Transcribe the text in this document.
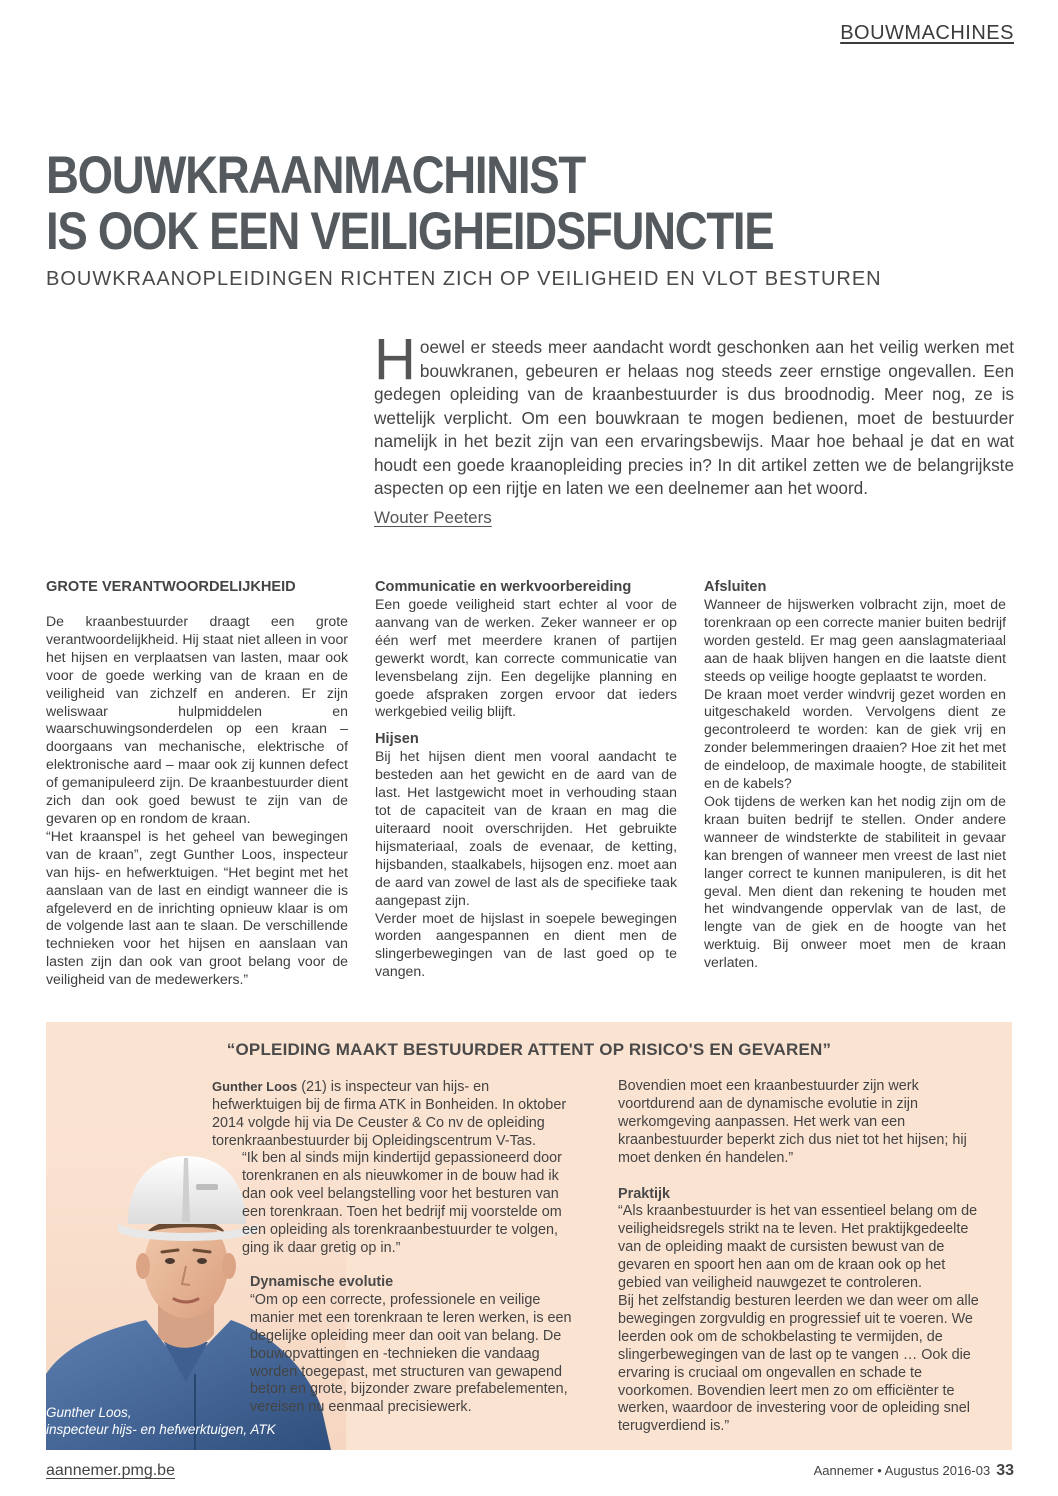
BOUWMACHINES
BOUWKRAANMACHINIST
IS OOK EEN VEILIGHEIDSFUNCTIE
BOUWKRAANOPLEIDINGEN RICHTEN ZICH OP VEILIGHEID EN VLOT BESTUREN

Hoewel er steeds meer aandacht wordt geschonken aan het veilig werken met bouwkranen, gebeuren er helaas nog steeds zeer ernstige ongevallen. Een gedegen opleiding van de kraanbestuurder is dus broodnodig. Meer nog, ze is wettelijk verplicht. Om een bouwkraan te mogen bedienen, moet de bestuurder namelijk in het bezit zijn van een ervaringsbewijs. Maar hoe behaal je dat en wat houdt een goede kraanopleiding precies in? In dit artikel zetten we de belangrijkste aspecten op een rijtje en laten we een deelnemer aan het woord.

Wouter Peeters
GROTE VERANTWOORDELIJKHEID

De kraanbestuurder draagt een grote verantwoordelijkheid. Hij staat niet alleen in voor het hijsen en verplaatsen van lasten, maar ook voor de goede werking van de kraan en de veiligheid van zichzelf en anderen. Er zijn weliswaar hulpmiddelen en waarschuwingsonderdelen op een kraan – doorgaans van mechanische, elektrische of elektronische aard – maar ook zij kunnen defect of gemanipuleerd zijn. De kraanbestuurder dient zich dan ook goed bewust te zijn van de gevaren op en rondom de kraan.

“Het kraanspel is het geheel van bewegingen van de kraan”, zegt Gunther Loos, inspecteur van hijs- en hefwerktuigen. “Het begint met het aanslaan van de last en eindigt wanneer die is afgeleverd en de inrichting opnieuw klaar is om de volgende last aan te slaan. De verschillende technieken voor het hijsen en aanslaan van lasten zijn dan ook van groot belang voor de veiligheid van de medewerkers.”

Communicatie en werkvoorbereiding

Een goede veiligheid start echter al voor de aanvang van de werken. Zeker wanneer er op één werf met meerdere kranen of partijen gewerkt wordt, kan correcte communicatie van levensbelang zijn. Een degelijke planning en goede afspraken zorgen ervoor dat ieders werkgebied veilig blijft.

Hijsen

Bij het hijsen dient men vooral aandacht te besteden aan het gewicht en de aard van de last. Het lastgewicht moet in verhouding staan tot de capaciteit van de kraan en mag die uiteraard nooit overschrijden. Het gebruikte hijsmateriaal, zoals de evenaar, de ketting, hijsbanden, staalkabels, hijsogen enz. moet aan de aard van zowel de last als de specifieke taak aangepast zijn.

Verder moet de hijslast in soepele bewegingen worden aangespannen en dient men de slingerbewegingen van de last goed op te vangen.

Afsluiten

Wanneer de hijswerken volbracht zijn, moet de torenkraan op een correcte manier buiten bedrijf worden gesteld. Er mag geen aanslagmateriaal aan de haak blijven hangen en die laatste dient steeds op veilige hoogte geplaatst te worden.

De kraan moet verder windvrij gezet worden en uitgeschakeld worden. Vervolgens dient ze gecontroleerd te worden: kan de giek vrij en zonder belemmeringen draaien? Hoe zit het met de eindeloop, de maximale hoogte, de stabiliteit en de kabels?

Ook tijdens de werken kan het nodig zijn om de kraan buiten bedrijf te stellen. Onder andere wanneer de windsterkte de stabiliteit in gevaar kan brengen of wanneer men vreest de last niet langer correct te kunnen manipuleren, is dit het geval. Men dient dan rekening te houden met het windvangende oppervlak van de last, de lengte van de giek en de hoogte van het werktuig. Bij onweer moet men de kraan verlaten.

“OPLEIDING MAAKT BESTUURDER ATTENT OP RISICO'S EN GEVAREN”
Gunther Loos,
inspecteur hijs- en hefwerktuigen, ATK

Gunther Loos (21) is inspecteur van hijs- en hefwerktuigen bij de firma ATK in Bonheiden. In oktober 2014 volgde hij via De Ceuster & Co nv de opleiding torenkraanbestuurder bij Opleidingscentrum V-Tas.

“Ik ben al sinds mijn kindertijd gepassioneerd door torenkranen en als nieuwkomer in de bouw had ik dan ook veel belangstelling voor het besturen van een torenkraan. Toen het bedrijf mij voorstelde om een opleiding als torenkraanbestuurder te volgen, ging ik daar gretig op in.”

Dynamische evolutie

“Om op een correcte, professionele en veilige manier met een torenkraan te leren werken, is een degelijke opleiding meer dan ooit van belang. De bouwopvattingen en -technieken die vandaag worden toegepast, met structuren van gewapend beton en grote, bijzonder zware prefabelementen, vereisen nu eenmaal precisiewerk.

Bovendien moet een kraanbestuurder zijn werk voortdurend aan de dynamische evolutie in zijn werkomgeving aanpassen. Het werk van een kraanbestuurder beperkt zich dus niet tot het hijsen; hij moet denken én handelen.”

Praktijk

“Als kraanbestuurder is het van essentieel belang om de veiligheidsregels strikt na te leven. Het praktijkgedeelte van de opleiding maakt de cursisten bewust van de gevaren en spoort hen aan om de kraan ook op het gebied van veiligheid nauwgezet te controleren.

Bij het zelfstandig besturen leerden we dan weer om alle bewegingen zorgvuldig en progressief uit te voeren. We leerden ook om de schokbelasting te vermijden, de slingerbewegingen van de last op te vangen … Ook die ervaring is cruciaal om ongevallen en schade te voorkomen. Bovendien leert men zo om efficiënter te werken, waardoor de investering voor de opleiding snel terugverdiend is.”

aannemer.pmg.be	Aannemer • Augustus 2016-03 33
